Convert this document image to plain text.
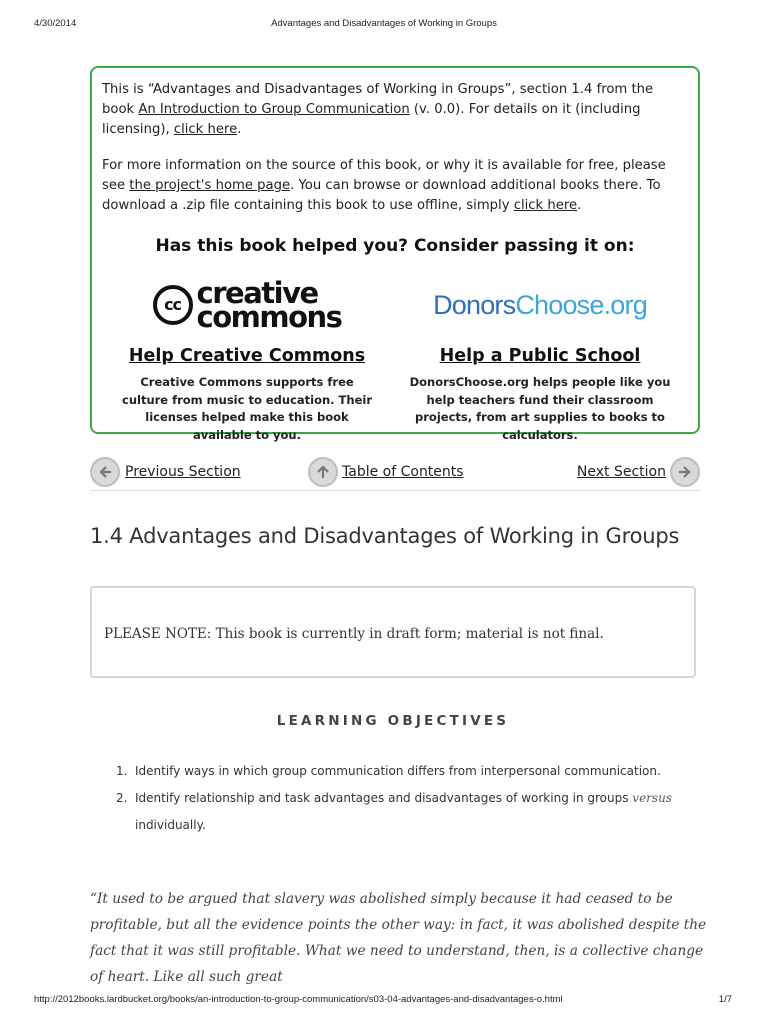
4/30/2014	Advantages and Disadvantages of Working in Groups

This is “Advantages and Disadvantages of Working in Groups”, section 1.4 from the book An Introduction to Group Communication (v. 0.0). For details on it (including licensing), click here.

For more information on the source of this book, or why it is available for free, please see the project's home page. You can browse or download additional books there. To download a .zip file containing this book to use offline, simply click here.

Has this book helped you? Consider passing it on:
cc creative
commons
Help Creative Commons
Creative Commons supports free culture from music to education. Their licenses helped make this book available to you.
Donors Choose.org
Help a Public School
DonorsChoose.org helps people like you help teachers fund their classroom projects, from art supplies to books to calculators.
Previous Section	Table of Contents	Next Section
1.4 Advantages and Disadvantages of Working in Groups
PLEASE NOTE: This book is currently in draft form; material is not final.
LEARNING OBJECTIVES
1. Identify ways in which group communication differs from interpersonal communication.
2. Identify relationship and task advantages and disadvantages of working in groups versus individually.
“It used to be argued that slavery was abolished simply because it had ceased to be profitable, but all the evidence points the other way: in fact, it was abolished despite the fact that it was still profitable. What we need to understand, then, is a collective change of heart. Like all such great
http://2012books.lardbucket.org/books/an-introduction-to-group-communication/s03-04-advantages-and-disadvantages-o.html	1/7
